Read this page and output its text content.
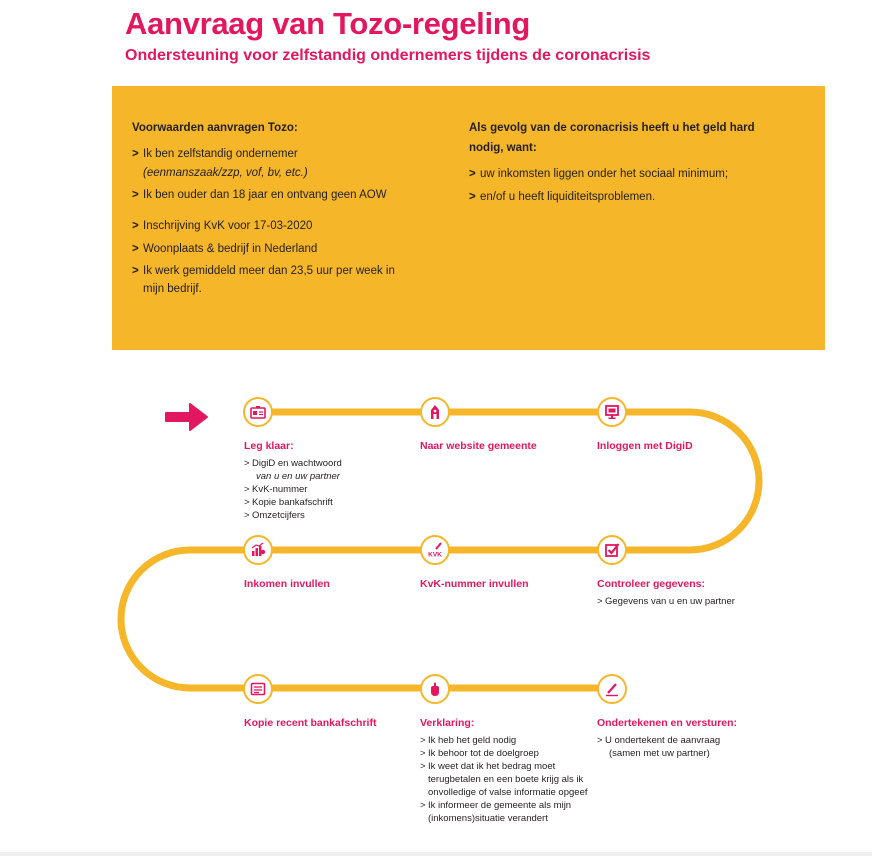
Aanvraag van Tozo-regeling
Ondersteuning voor zelfstandig ondernemers tijdens de coronacrisis
Voorwaarden aanvragen Tozo:
> Ik ben zelfstandig ondernemer
(eenmanszaak/zzp, vof, bv, etc.)
> Ik ben ouder dan 18 jaar en ontvang geen AOW
> Inschrijving KvK voor 17-03-2020
> Woonplaats & bedrijf in Nederland
> Ik werk gemiddeld meer dan 23,5 uur per week in mijn bedrijf.
Als gevolg van de coronacrisis heeft u het geld hard nodig, want:
> uw inkomsten liggen onder het sociaal minimum;
> en/of u heeft liquiditeitsproblemen.
Leg klaar:
> DigiD en wachtwoord
van u en uw partner
> KvK-nummer
> Kopie bankafschrift
> Omzetcijfers
Naar website gemeente	Inloggen met DigiD
Controleer gegevens:
> Gegevens van u en uw partner
KVK
KvK-nummer invullen
Inkomen invullen
Kopie recent bankafschrift	Verklaring:
> Ik heb het geld nodig
> Ik behoor tot de doelgroep
> Ik weet dat ik het bedrag moet terugbetalen en een boete krijg als ik onvolledige of valse informatie opgeef
> Ik informeer de gemeente als mijn (inkomens)situatie verandert
Ondertekenen en versturen:
> U ondertekent de aanvraag
(samen met uw partner)
